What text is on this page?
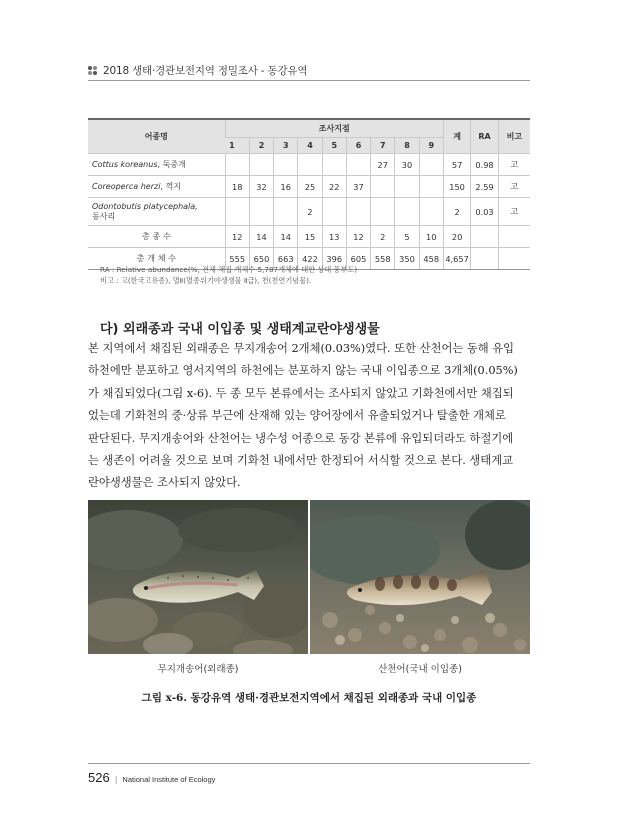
2018 생태·경관보전지역 정밀조사 - 동강유역
어종명	조사지점									계	RA	비고
	1	2	3	4	5	6	7	8	9			
Cottus koreanus, 둑중개							27	30		57	0.98	고
Coreoperca herzi, 꺽지	18	32	16	25	22	37				150	2.59	고
Odontobutis platycephala,
동사리				2						2	0.03	고
총 종 수	12	14	14	15	13	12	2	5	10	20		
총 개 체 수	555	650	663	422	396	605	558	350	458	4,657		
RA : Relative abundance(%, 전체 채집 개체수 5,787개체에 대한 상대 풍부도)
비고 : 고(한국고유종), 멸Ⅱ(멸종위기야생생물 Ⅱ급), 천(천연기념물).
다) 외래종과 국내 이입종 및 생태계교란야생생물

본 지역에서 채집된 외래종은 무지개송어 2개체(0.03%)였다. 또한 산천어는 동해 유입
하천에만 분포하고 영서지역의 하천에는 분포하지 않는 국내 이입종으로 3개체(0.05%)
가 채집되었다(그림 x-6). 두 종 모두 본류에서는 조사되지 않았고 기화천에서만 채집되
었는데 기화천의 중·상류 부근에 산재해 있는 양어장에서 유출되었거나 탈출한 개체로
판단된다. 무지개송어와 산천어는 냉수성 어종으로 동강 본류에 유입되더라도 하절기에
는 생존이 어려울 것으로 보며 기화천 내에서만 한정되어 서식할 것으로 본다. 생태계교
란야생생물은 조사되지 않았다.

무지개송어(외래종)	산천어(국내 이입종)
그림 x-6. 동강유역 생태·경관보전지역에서 채집된 외래종과 국내 이입종
526 | National Institute of Ecology
